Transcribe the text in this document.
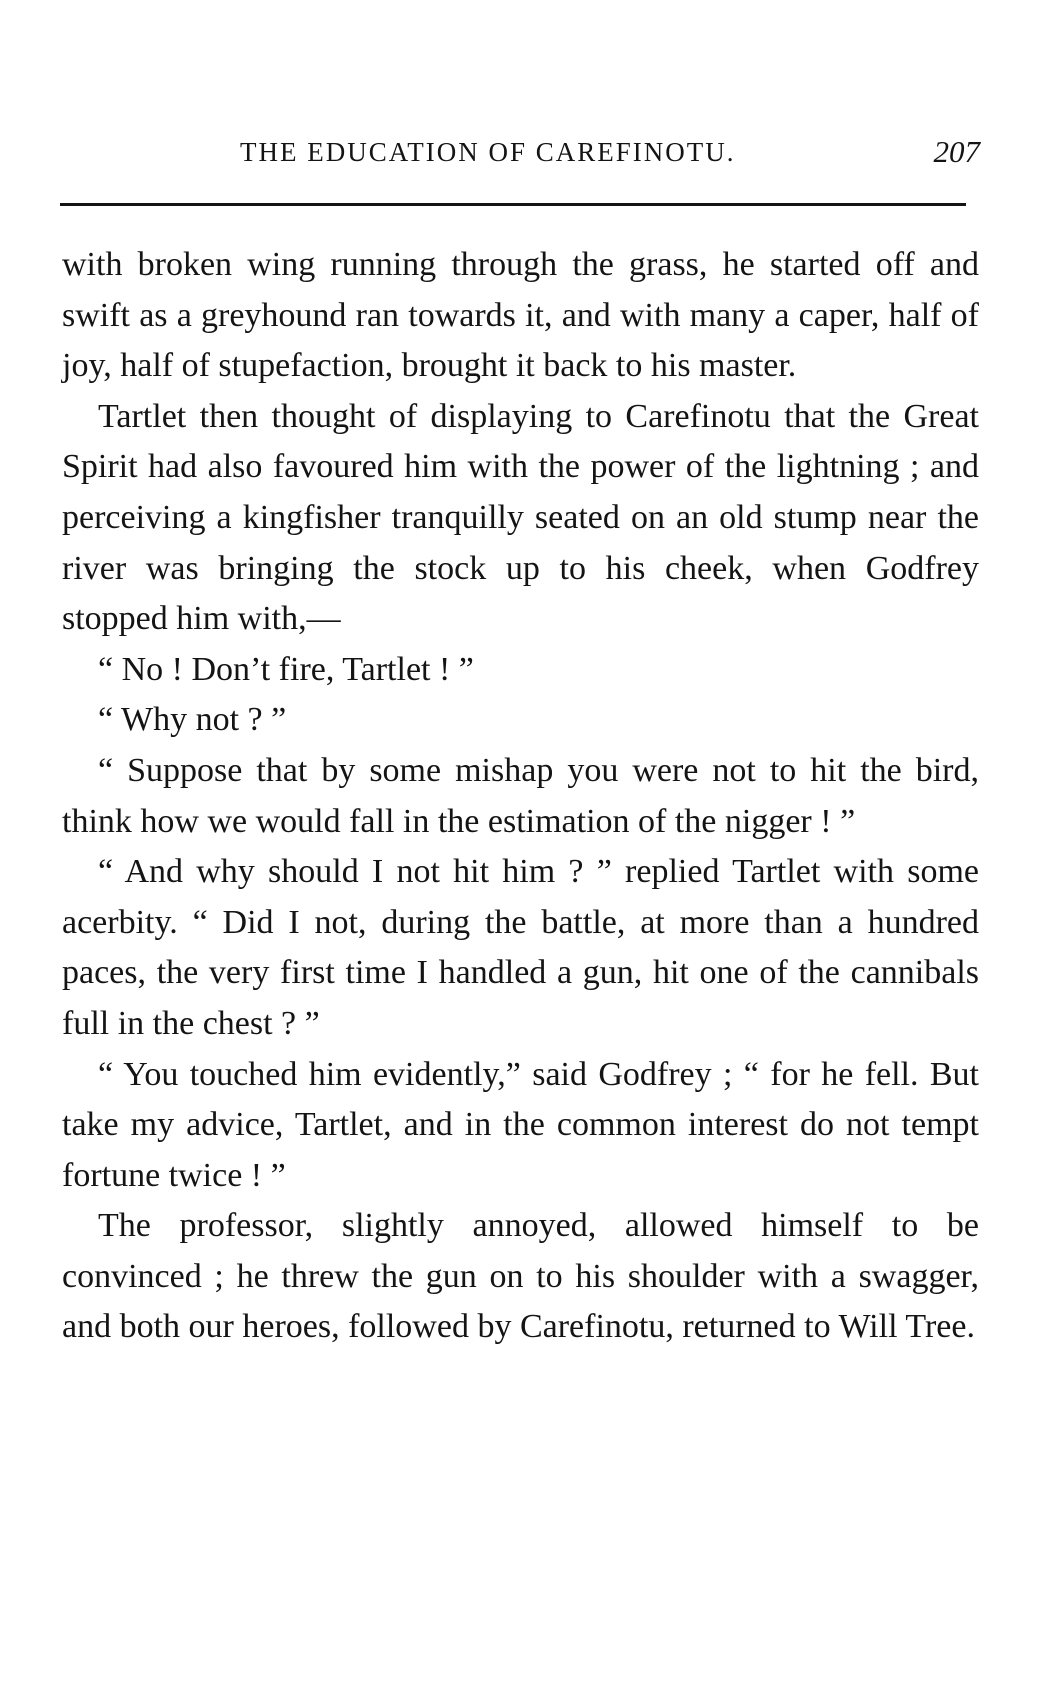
THE EDUCATION OF CAREFINOTU.	207

with broken wing running through the grass, he started off and swift as a greyhound ran towards it, and with many a caper, half of joy, half of stupefaction, brought it back to his master.

Tartlet then thought of displaying to Carefinotu that the Great Spirit had also favoured him with the power of the lightning ; and perceiving a kingfisher tranquilly seated on an old stump near the river was bringing the stock up to his cheek, when Godfrey stopped him with,—

“ No ! Don’t fire, Tartlet ! ”

“ Why not ? ”

“ Suppose that by some mishap you were not to hit the bird, think how we would fall in the estimation of the nigger ! ”

“ And why should I not hit him ? ” replied Tartlet with some acerbity. “ Did I not, during the battle, at more than a hundred paces, the very first time I handled a gun, hit one of the cannibals full in the chest ? ”

“ You touched him evidently,” said Godfrey ; “ for he fell. But take my advice, Tartlet, and in the common interest do not tempt fortune twice ! ”

The professor, slightly annoyed, allowed himself to be convinced ; he threw the gun on to his shoulder with a swagger, and both our heroes, followed by Carefinotu, returned to Will Tree.
